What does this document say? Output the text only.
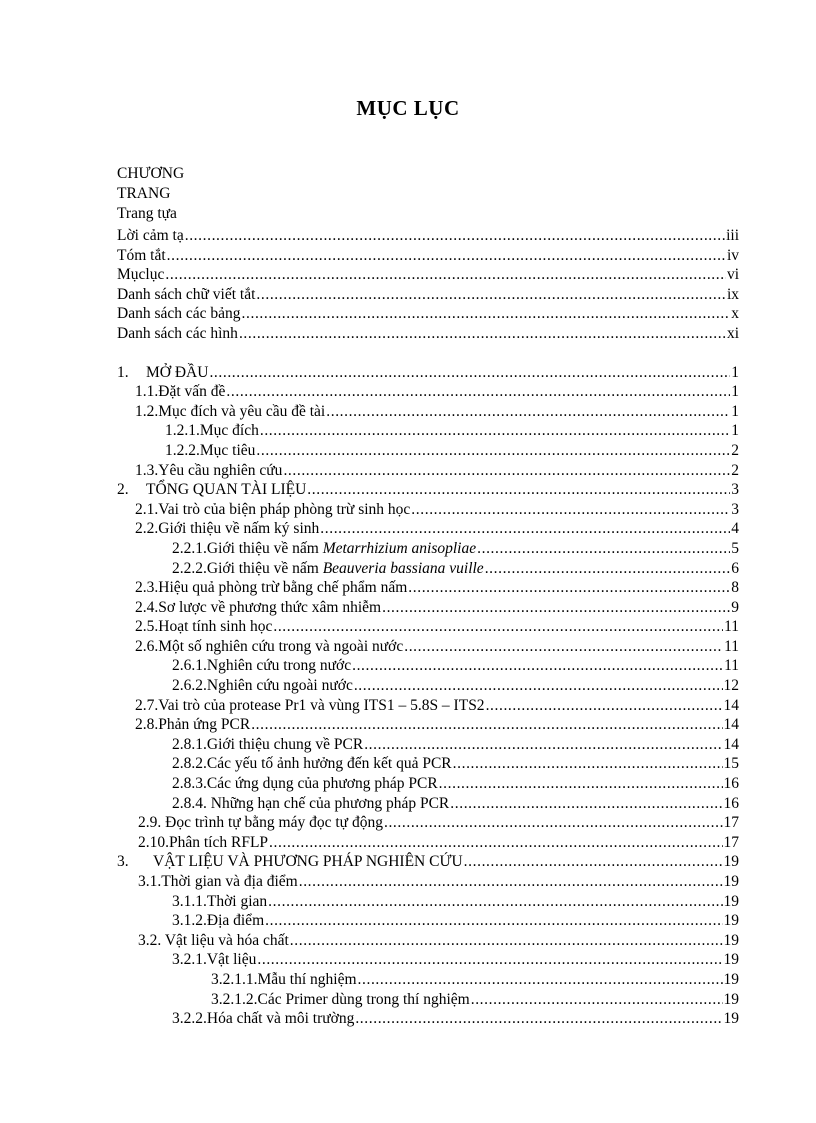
MỤC LỤC
CHƯƠNG
TRANG
Trang tựa
Lời cảm tạ .....	iii
Tóm tắt .....	iv
Mụclục .....	vi
Danh sách chữ viết tắt .....	ix
Danh sách các bảng .....	x
Danh sách các hình .....	xi
1. MỞ ĐẦU .....	1
1.1.Đặt vấn đề .....	1
1.2.Mục đích và yêu cầu đề tài .....	1
1.2.1.Mục đích .....	1
1.2.2.Mục tiêu .....	2
1.3.Yêu cầu nghiên cứu .....	2
2. TỔNG QUAN TÀI LIỆU .....	3
2.1.Vai trò của biện pháp phòng trừ sinh học .....	3
2.2.Giới thiệu về nấm ký sinh .....	4
2.2.1.Giới thiệu về nấm Metarrhizium anisopliae .....	5
2.2.2.Giới thiệu về nấm Beauveria bassiana vuille .....	6
2.3.Hiệu quả phòng trừ bằng chế phẩm nấm .....	8
2.4.Sơ lược về phương thức xâm nhiễm .....	9
2.5.Hoạt tính sinh học .....	11
2.6.Một số nghiên cứu trong và ngoài nước .....	11
2.6.1.Nghiên cứu trong nước .....	11
2.6.2.Nghiên cứu ngoài nước .....	12
2.7.Vai trò của protease Pr1 và vùng ITS1 – 5.8S – ITS2 .....	14
2.8.Phản ứng PCR .....	14
2.8.1.Giới thiệu chung về PCR .....	14
2.8.2.Các yếu tố ảnh hưởng đến kết quả PCR .....	15
2.8.3.Các ứng dụng của phương pháp PCR .....	16
2.8.4. Những hạn chế của phương pháp PCR .....	16
2.9. Đọc trình tự bằng máy đọc tự động .....	17
2.10.Phân tích RFLP .....	17
3. VẬT LIỆU VÀ PHƯƠNG PHÁP NGHIÊN CỨU .....	19
3.1.Thời gian và địa điểm .....	19
3.1.1.Thời gian .....	19
3.1.2.Địa điểm .....	19
3.2. Vật liệu và hóa chất .....	19
3.2.1.Vật liệu .....	19
3.2.1.1.Mẫu thí nghiệm .....	19
3.2.1.2.Các Primer dùng trong thí nghiệm .....	19
3.2.2.Hóa chất và môi trường .....	19
